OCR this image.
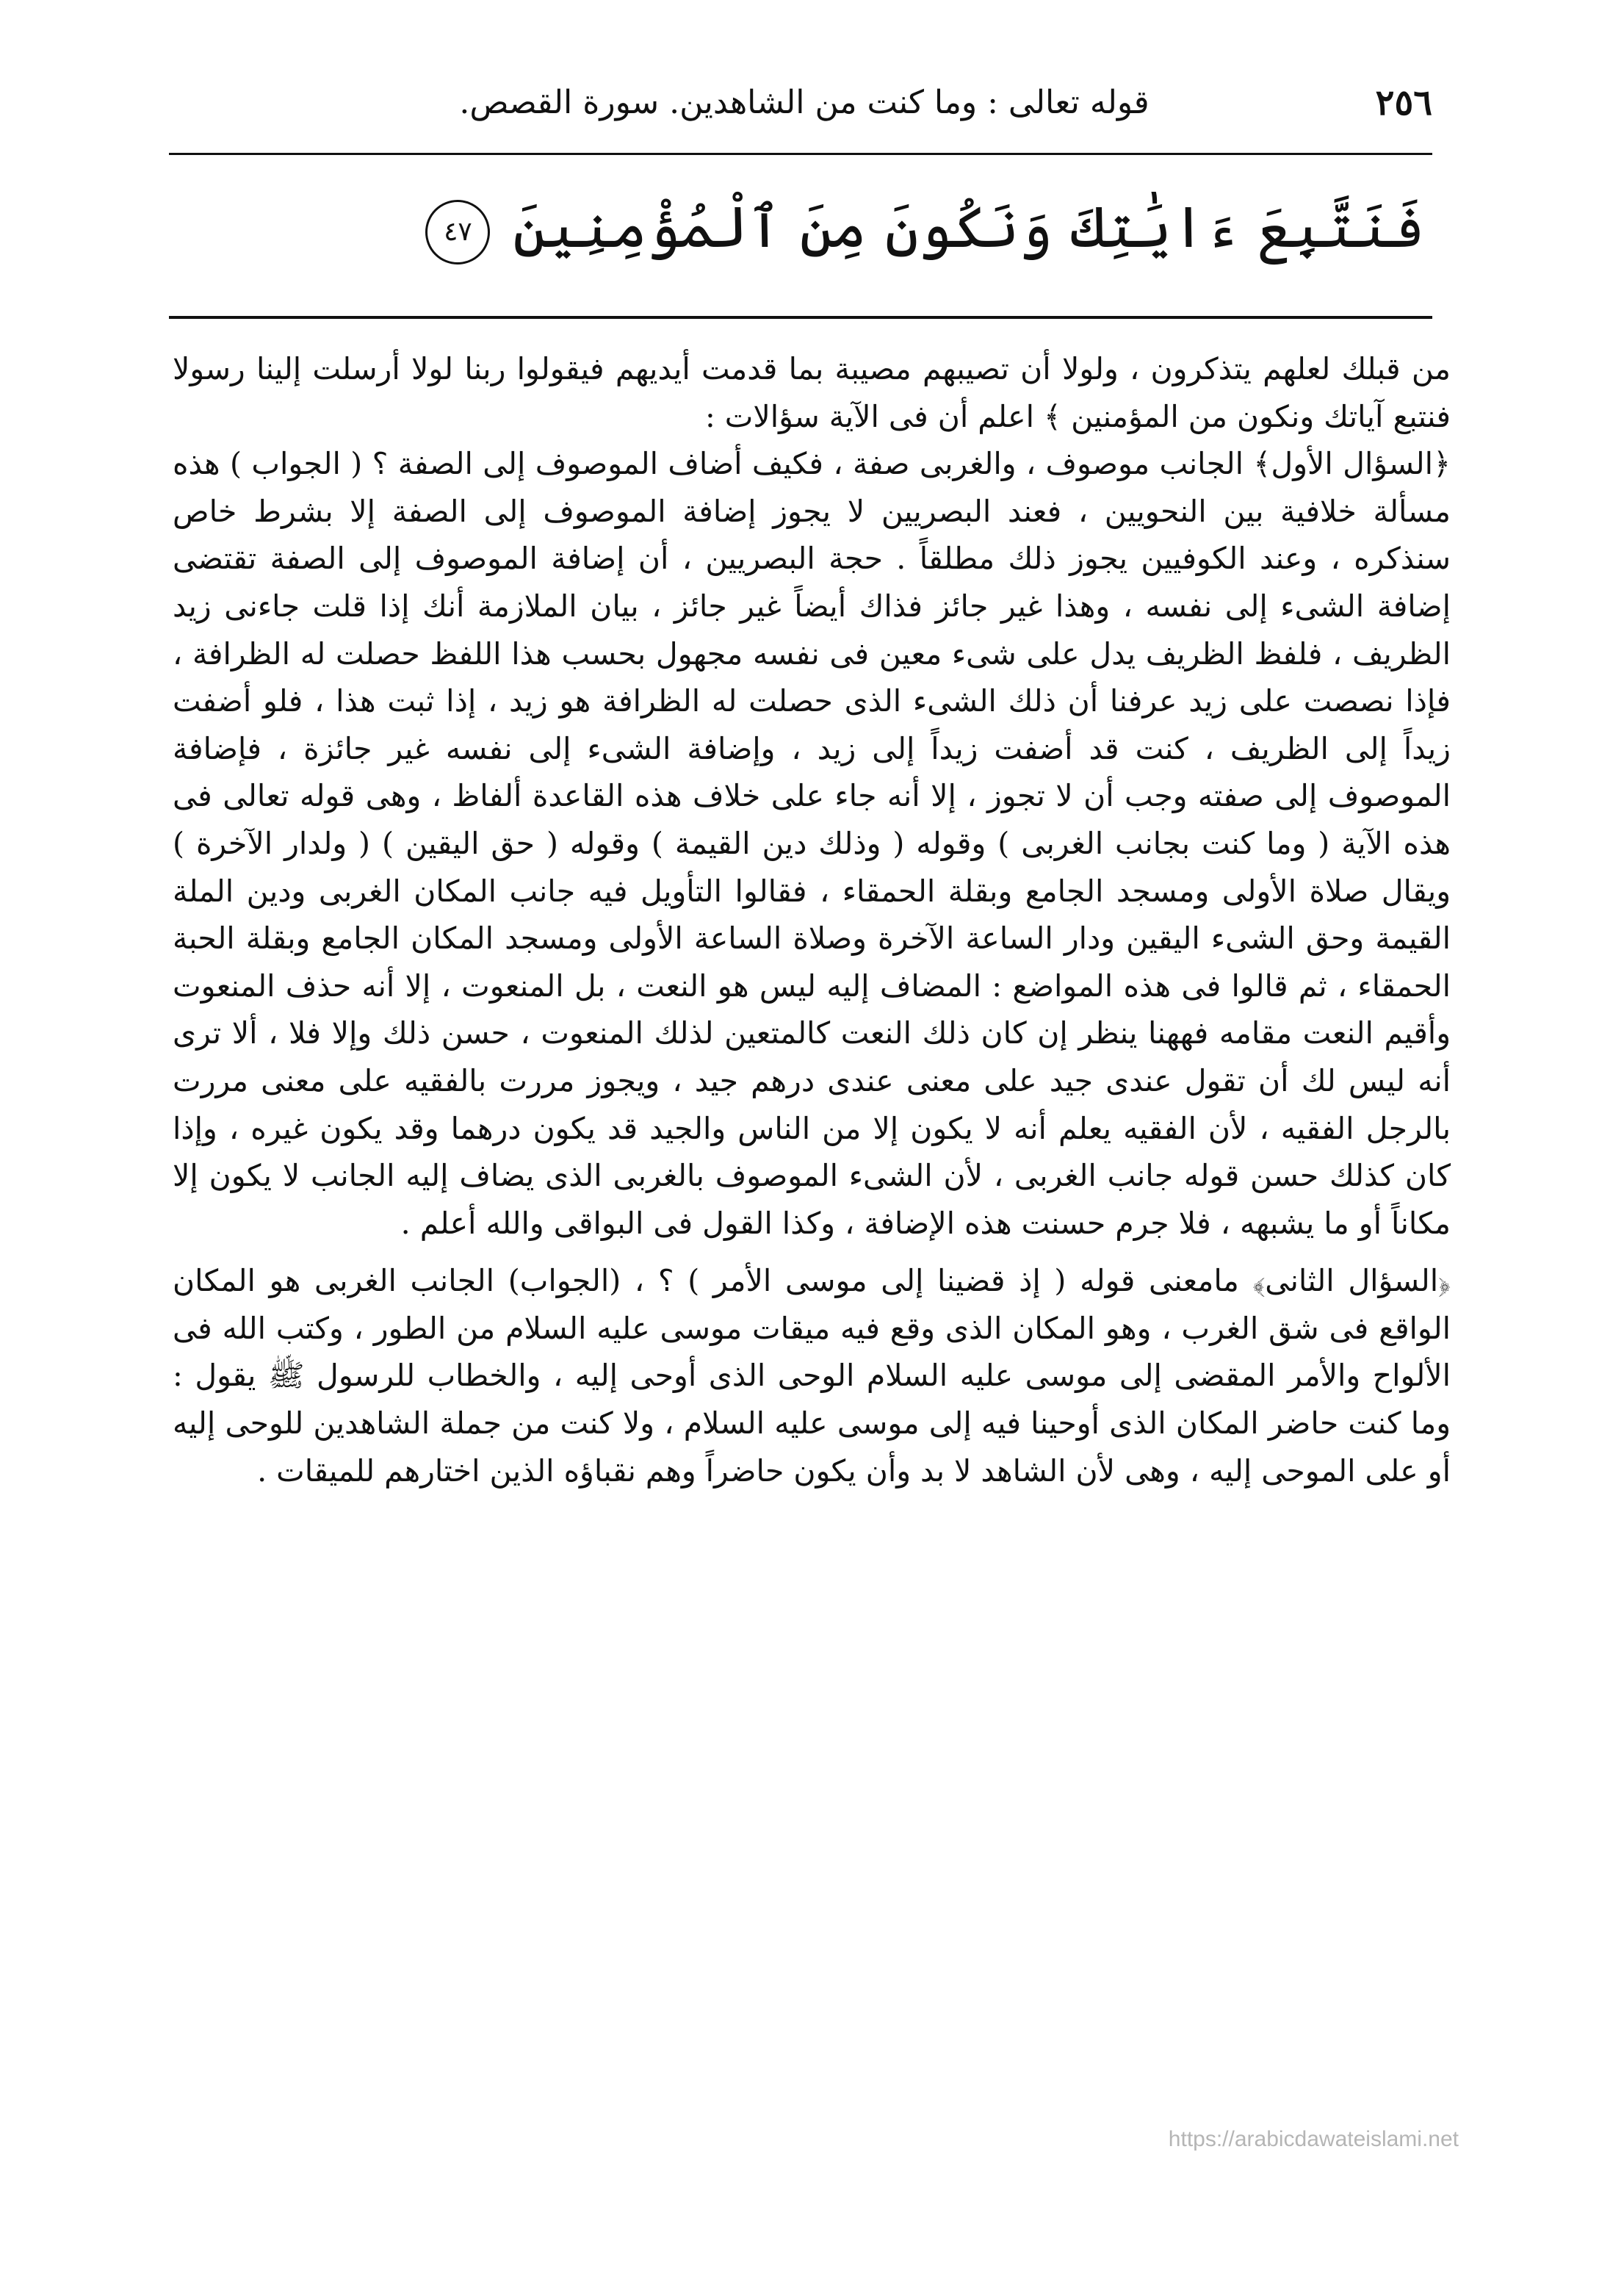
٢٥٦
قوله تعالى : وما كنت من الشاهدين. سورة القصص.
فَنَتَّبِعَ ءَايَٰتِكَ وَنَكُونَ مِنَ ٱلْمُؤْمِنِينَ ٤٧

من قبلك لعلهم يتذكرون ، ولولا أن تصيبهم مصيبة بما قدمت أيديهم فيقولوا ربنا لولا أرسلت إلينا رسولا فنتبع آياتك ونكون من المؤمنين ﴾ اعلم أن فى الآية سؤالات :

﴿السؤال الأول﴾ الجانب موصوف ، والغربى صفة ، فكيف أضاف الموصوف إلى الصفة ؟ ( الجواب ) هذه مسألة خلافية بين النحويين ، فعند البصريين لا يجوز إضافة الموصوف إلى الصفة إلا بشرط خاص سنذكره ، وعند الكوفيين يجوز ذلك مطلقاً . حجة البصريين ، أن إضافة الموصوف إلى الصفة تقتضى إضافة الشىء إلى نفسه ، وهذا غير جائز فذاك أيضاً غير جائز ، بيان الملازمة أنك إذا قلت جاءنى زيد الظريف ، فلفظ الظريف يدل على شىء معين فى نفسه مجهول بحسب هذا اللفظ حصلت له الظرافة ، فإذا نصصت على زيد عرفنا أن ذلك الشىء الذى حصلت له الظرافة هو زيد ، إذا ثبت هذا ، فلو أضفت زيداً إلى الظريف ، كنت قد أضفت زيداً إلى زيد ، وإضافة الشىء إلى نفسه غير جائزة ، فإضافة الموصوف إلى صفته وجب أن لا تجوز ، إلا أنه جاء على خلاف هذه القاعدة ألفاظ ، وهى قوله تعالى فى هذه الآية ( وما كنت بجانب الغربى ) وقوله ( وذلك دين القيمة ) وقوله ( حق اليقين ) ( ولدار الآخرة ) ويقال صلاة الأولى ومسجد الجامع وبقلة الحمقاء ، فقالوا التأويل فيه جانب المكان الغربى ودين الملة القيمة وحق الشىء اليقين ودار الساعة الآخرة وصلاة الساعة الأولى ومسجد المكان الجامع وبقلة الحبة الحمقاء ، ثم قالوا فى هذه المواضع : المضاف إليه ليس هو النعت ، بل المنعوت ، إلا أنه حذف المنعوت وأقيم النعت مقامه فههنا ينظر إن كان ذلك النعت كالمتعين لذلك المنعوت ، حسن ذلك وإلا فلا ، ألا ترى أنه ليس لك أن تقول عندى جيد على معنى عندى درهم جيد ، ويجوز مررت بالفقيه على معنى مررت بالرجل الفقيه ، لأن الفقيه يعلم أنه لا يكون إلا من الناس والجيد قد يكون درهما وقد يكون غيره ، وإذا كان كذلك حسن قوله جانب الغربى ، لأن الشىء الموصوف بالغربى الذى يضاف إليه الجانب لا يكون إلا مكاناً أو ما يشبهه ، فلا جرم حسنت هذه الإضافة ، وكذا القول فى البواقى والله أعلم .

﴿السؤال الثانى﴾ مامعنى قوله ( إذ قضينا إلى موسى الأمر ) ؟ ، (الجواب) الجانب الغربى هو المكان الواقع فى شق الغرب ، وهو المكان الذى وقع فيه ميقات موسى عليه السلام من الطور ، وكتب الله فى الألواح والأمر المقضى إلى موسى عليه السلام الوحى الذى أوحى إليه ، والخطاب للرسول ﷺ يقول : وما كنت حاضر المكان الذى أوحينا فيه إلى موسى عليه السلام ، ولا كنت من جملة الشاهدين للوحى إليه أو على الموحى إليه ، وهى لأن الشاهد لا بد وأن يكون حاضراً وهم نقباؤه الذين اختارهم للميقات .

https://arabicdawateislami.net
